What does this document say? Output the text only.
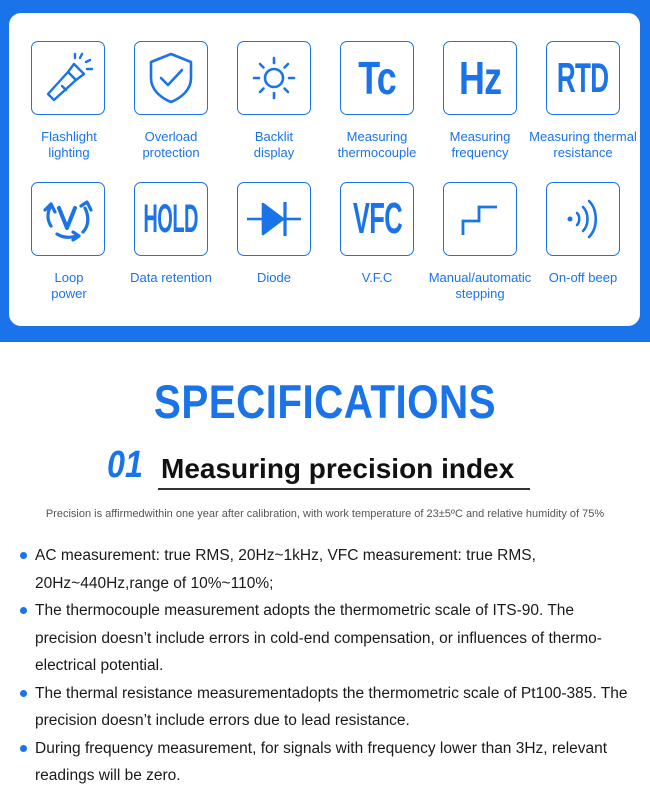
Flashlight
lighting
Overload
protection
Backlit
display
Tc
Measuring
thermocouple
Hz
Measuring
frequency
RTD
Measuring thermal
resistance
Loop
power
HOLD
Data retention	Diode
VFC
V.F.C	Manual/automatic
stepping
On-off beep
SPECIFICATIONS
01 Measuring precision index
Precision is affirmedwithin one year after calibration, with work temperature of 23±5ºC and relative humidity of 75%
AC measurement: true RMS, 20Hz~1kHz, VFC measurement: true RMS, 20Hz~440Hz,range of 10%~110%;
The thermocouple measurement adopts the thermometric scale of ITS-90. The precision doesn’t include errors in cold-end compensation, or influences of thermo-electrical potential.
The thermal resistance measurementadopts the thermometric scale of Pt100-385. The precision doesn’t include errors due to lead resistance.
During frequency measurement, for signals with frequency lower than 3Hz, relevant readings will be zero.
